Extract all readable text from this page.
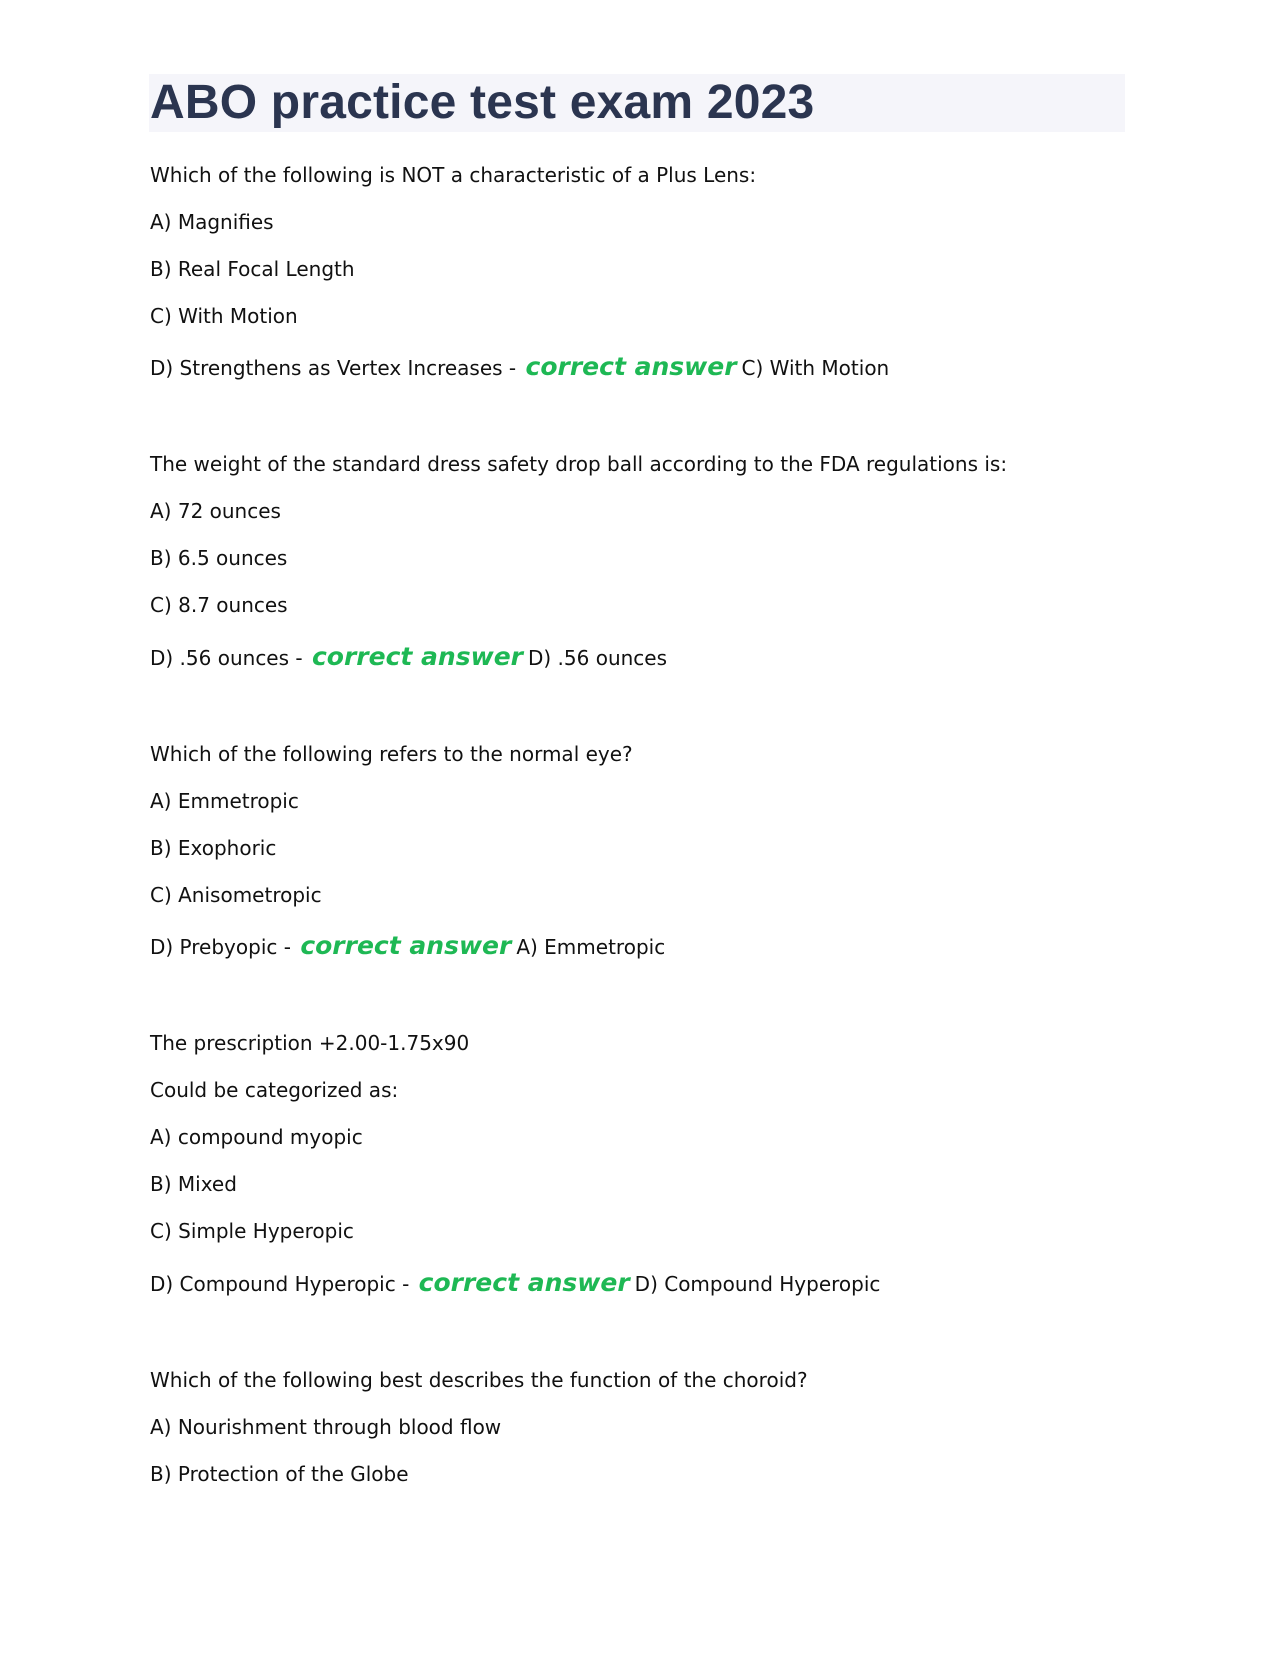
ABO practice test exam 2023

Which of the following is NOT a characteristic of a Plus Lens:

A) Magnifies

B) Real Focal Length

C) With Motion

D) Strengthens as Vertex Increases - correct answer C) With Motion

The weight of the standard dress safety drop ball according to the FDA regulations is:

A) 72 ounces

B) 6.5 ounces

C) 8.7 ounces

D) .56 ounces - correct answer D) .56 ounces

Which of the following refers to the normal eye?

A) Emmetropic

B) Exophoric

C) Anisometropic

D) Prebyopic - correct answer A) Emmetropic

The prescription +2.00-1.75x90

Could be categorized as:

A) compound myopic

B) Mixed

C) Simple Hyperopic

D) Compound Hyperopic - correct answer D) Compound Hyperopic

Which of the following best describes the function of the choroid?

A) Nourishment through blood flow

B) Protection of the Globe
